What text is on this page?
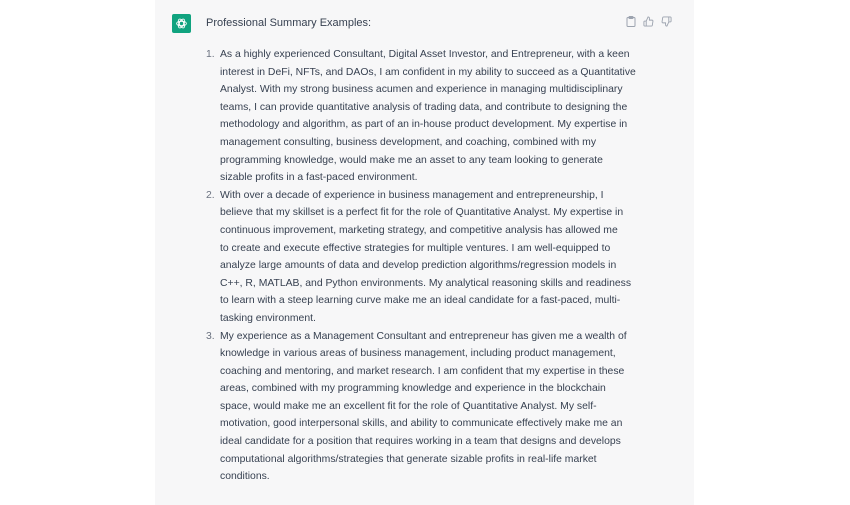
Professional Summary Examples:
1. As a highly experienced Consultant, Digital Asset Investor, and Entrepreneur, with a keen
interest in DeFi, NFTs, and DAOs, I am confident in my ability to succeed as a Quantitative
Analyst. With my strong business acumen and experience in managing multidisciplinary
teams, I can provide quantitative analysis of trading data, and contribute to designing the
methodology and algorithm, as part of an in-house product development. My expertise in
management consulting, business development, and coaching, combined with my
programming knowledge, would make me an asset to any team looking to generate
sizable profits in a fast-paced environment.
2. With over a decade of experience in business management and entrepreneurship, I
believe that my skillset is a perfect fit for the role of Quantitative Analyst. My expertise in
continuous improvement, marketing strategy, and competitive analysis has allowed me
to create and execute effective strategies for multiple ventures. I am well-equipped to
analyze large amounts of data and develop prediction algorithms/regression models in
C++, R, MATLAB, and Python environments. My analytical reasoning skills and readiness
to learn with a steep learning curve make me an ideal candidate for a fast-paced, multi-
tasking environment.
3. My experience as a Management Consultant and entrepreneur has given me a wealth of
knowledge in various areas of business management, including product management,
coaching and mentoring, and market research. I am confident that my expertise in these
areas, combined with my programming knowledge and experience in the blockchain
space, would make me an excellent fit for the role of Quantitative Analyst. My self-
motivation, good interpersonal skills, and ability to communicate effectively make me an
ideal candidate for a position that requires working in a team that designs and develops
computational algorithms/strategies that generate sizable profits in real-life market
conditions.
